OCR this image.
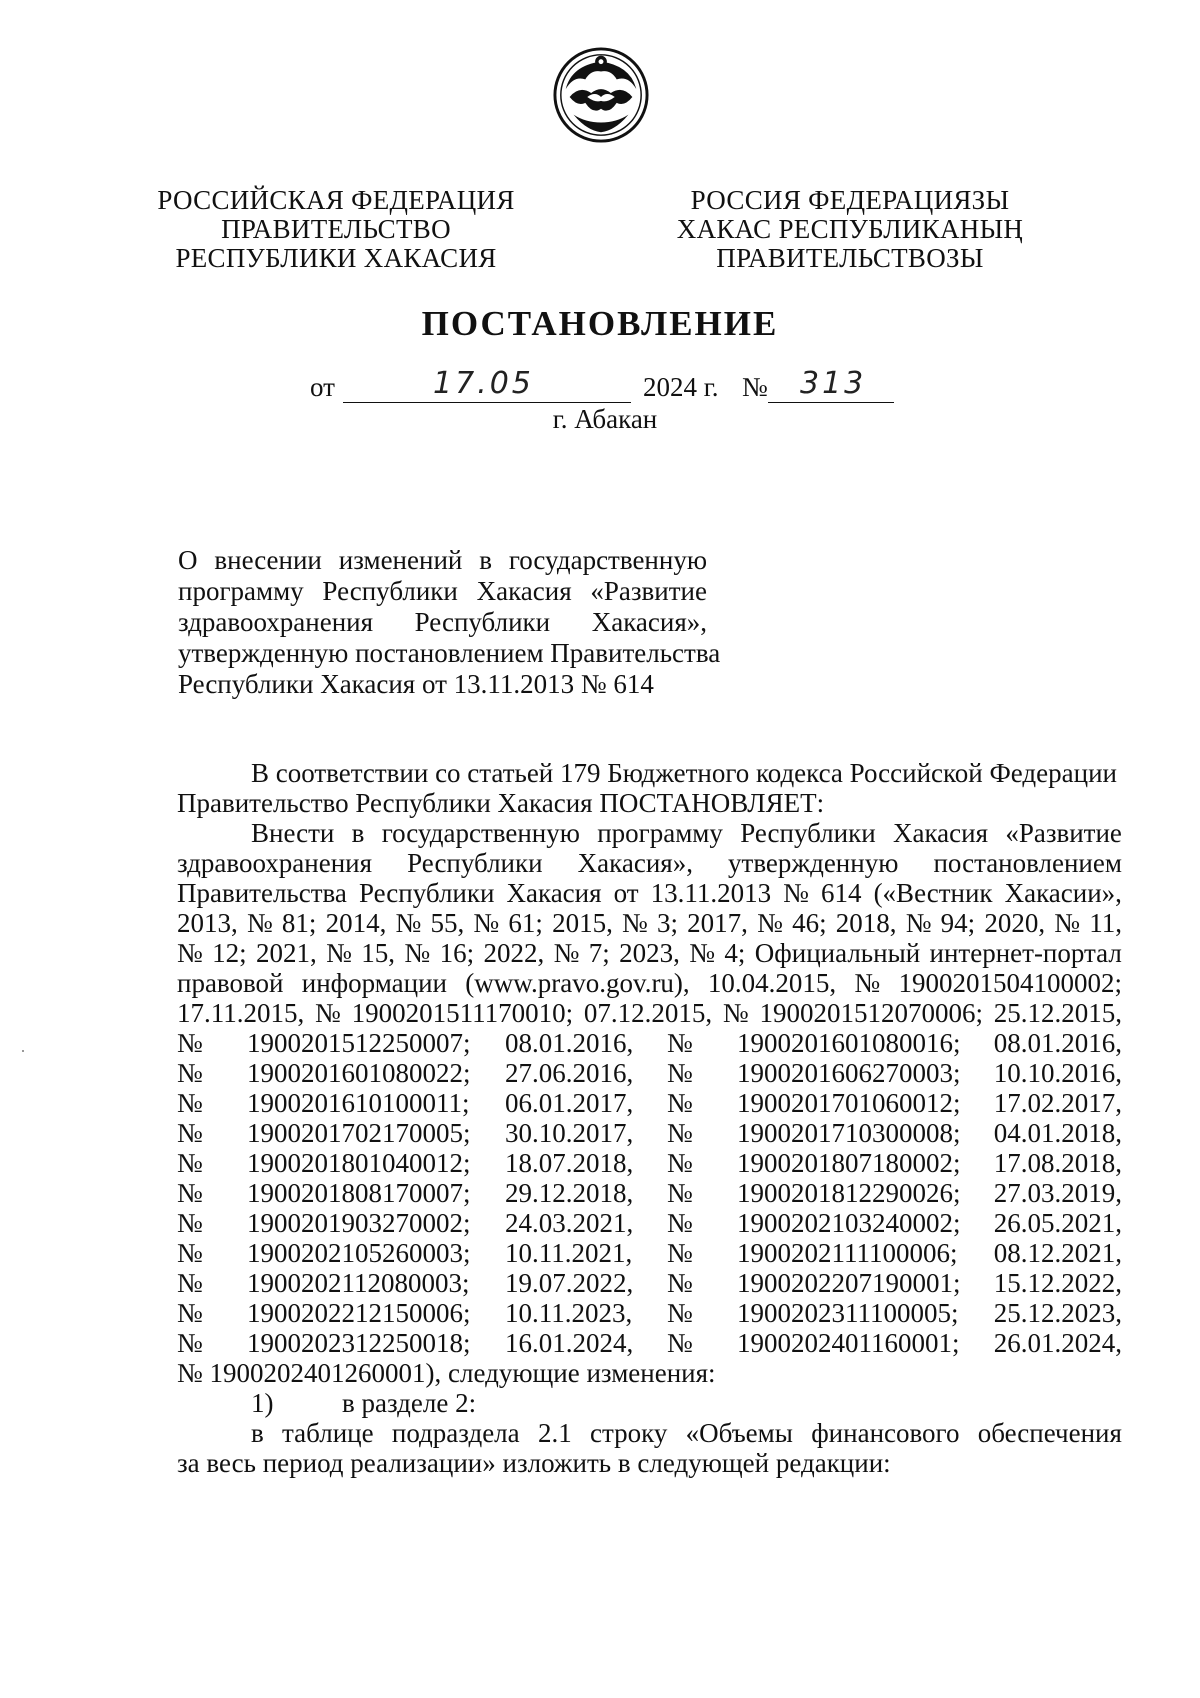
РОССИЙСКАЯ ФЕДЕРАЦИЯ
ПРАВИТЕЛЬСТВО
РЕСПУБЛИКИ ХАКАСИЯ
РОССИЯ ФЕДЕРАЦИЯЗЫ
ХАКАС РЕСПУБЛИКАНЫҢ
ПРАВИТЕЛЬСТВОЗЫ
ПОСТАНОВЛЕНИЕ
от	17.05	2024 г. № 313
г. Абакан
О внесении изменений в государственную
программу Республики Хакасия «Развитие
здравоохранения Республики Хакасия»,
утвержденную постановлением Правительства
Республики Хакасия от 13.11.2013 № 614
В соответствии со статьей 179 Бюджетного кодекса Российской Федерации
Правительство Республики Хакасия ПОСТАНОВЛЯЕТ:
Внести в государственную программу Республики Хакасия «Развитие
здравоохранения Республики Хакасия», утвержденную постановлением
Правительства Республики Хакасия от 13.11.2013 № 614 («Вестник Хакасии»,
2013, № 81; 2014, № 55, № 61; 2015, № 3; 2017, № 46; 2018, № 94; 2020, № 11,
№ 12; 2021, № 15, № 16; 2022, № 7; 2023, № 4; Официальный интернет-портал
правовой информации (www.pravo.gov.ru), 10.04.2015, № 1900201504100002;
17.11.2015, № 1900201511170010; 07.12.2015, № 1900201512070006; 25.12.2015,
№ 1900201512250007; 08.01.2016, № 1900201601080016; 08.01.2016,
№ 1900201601080022; 27.06.2016, № 1900201606270003; 10.10.2016,
№ 1900201610100011; 06.01.2017, № 1900201701060012; 17.02.2017,
№ 1900201702170005; 30.10.2017, № 1900201710300008; 04.01.2018,
№ 1900201801040012; 18.07.2018, № 1900201807180002; 17.08.2018,
№ 1900201808170007; 29.12.2018, № 1900201812290026; 27.03.2019,
№ 1900201903270002; 24.03.2021, № 1900202103240002; 26.05.2021,
№ 1900202105260003; 10.11.2021, № 1900202111100006; 08.12.2021,
№ 1900202112080003; 19.07.2022, № 1900202207190001; 15.12.2022,
№ 1900202212150006; 10.11.2023, № 1900202311100005; 25.12.2023,
№ 1900202312250018; 16.01.2024, № 1900202401160001; 26.01.2024,
№ 1900202401260001), следующие изменения:
1)	в разделе 2:
в таблице подраздела 2.1 строку «Объемы финансового обеспечения
за весь период реализации» изложить в следующей редакции:
